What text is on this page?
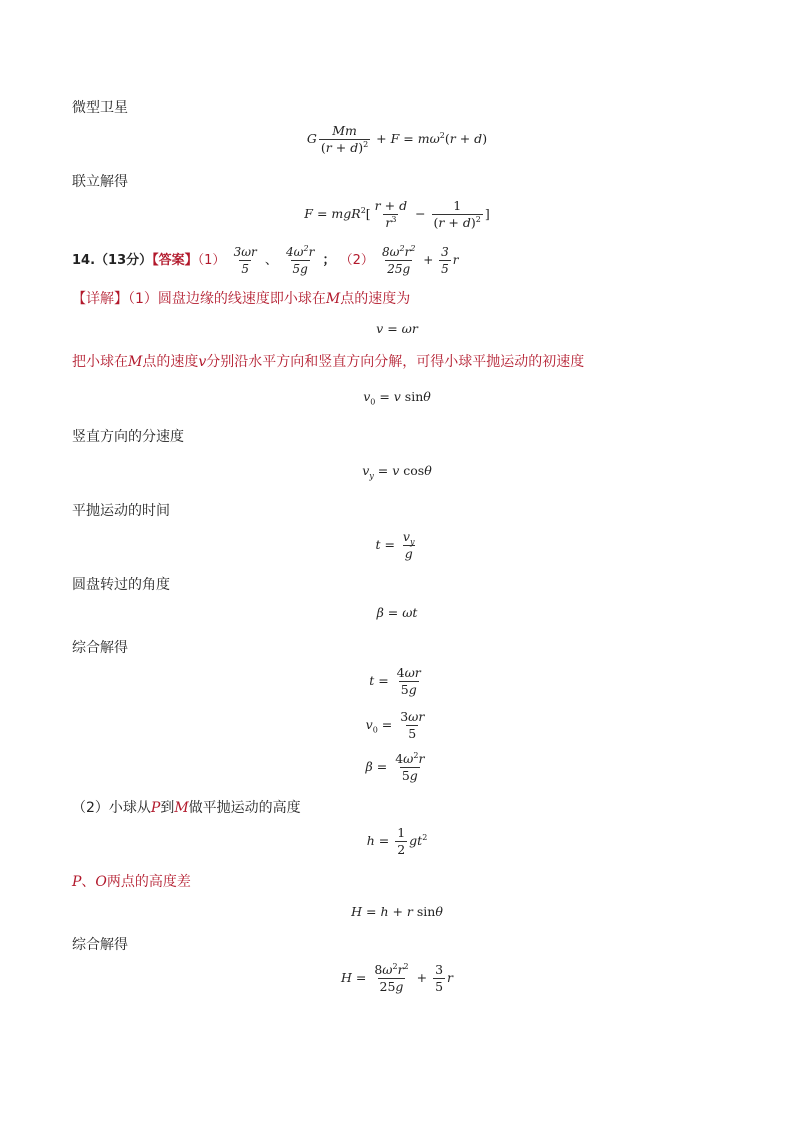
微型卫星
G $\frac{Mm}{(r + d)^2} + F = m\omega^2(r + d)$
联立解得
$F = mgR^2[ \frac{r + d}{r^3} - \frac{1}{(r + d)^2}$ ]
14.（13分）【答案】$(1) \frac{3\omega r}{5}$ 、 $\frac{4\omega^2r}{5g}$ ； $(2) \frac{8\omega^2r^2}{25g} + \frac{3}{5}$ r
【详解】（1）圆盘边缘的线速度即小球在M点的速度为
v = ωr
把小球在M点的速度v分别沿水平方向和竖直方向分解，可得小球平抛运动的初速度
$v_0 = v$ sinθ
竖直方向的分速度
$v_y = v$ cosθ
平抛运动的时间
$t = \frac{v_y}{g}$
圆盘转过的角度
β = ωt
综合解得
$t = \frac{4\omega r}{5g}$
$v_0 = \frac{3\omega r}{5}$
$\beta = \frac{4\omega^2r}{5g}$
（2）小球从P到M做平抛运动的高度
$h = \frac{1}{2} gt^2$
P、O两点的高度差
H = h + r sinθ
综合解得
$H = \frac{8\omega^2r^2}{25g} + \frac{3}{5}$ r
